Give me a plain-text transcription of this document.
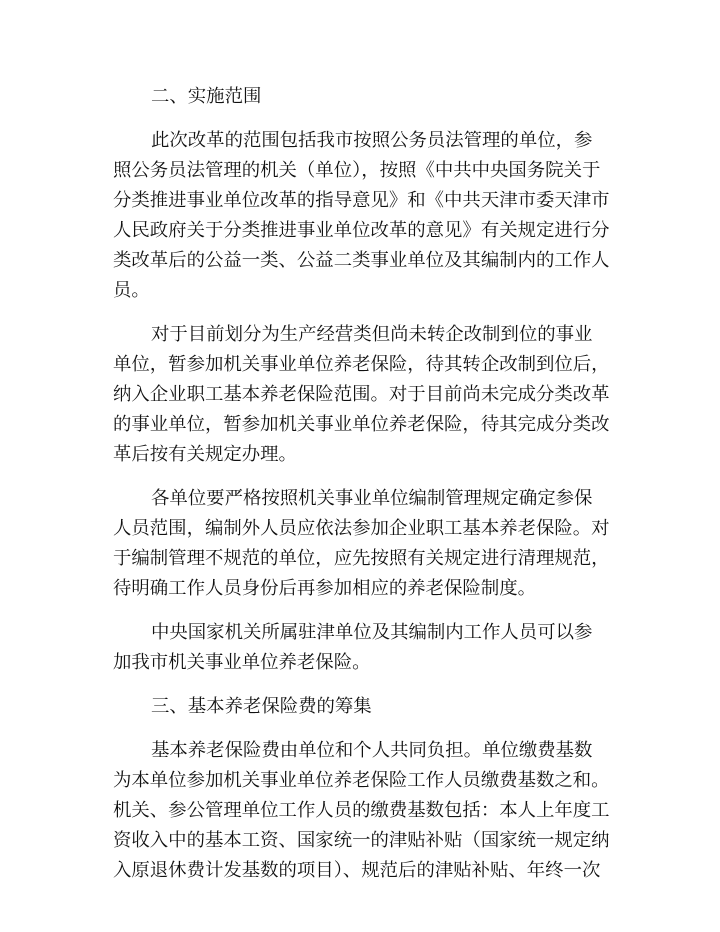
二、实施范围
此次改革的范围包括我市按照公务员法管理的单位，参
照公务员法管理的机关（单位），按照《中共中央国务院关于
分类推进事业单位改革的指导意见》和《中共天津市委天津市
人民政府关于分类推进事业单位改革的意见》有关规定进行分
类改革后的公益一类、公益二类事业单位及其编制内的工作人
员。
对于目前划分为生产经营类但尚未转企改制到位的事业
单位，暂参加机关事业单位养老保险，待其转企改制到位后，
纳入企业职工基本养老保险范围。对于目前尚未完成分类改革
的事业单位，暂参加机关事业单位养老保险，待其完成分类改
革后按有关规定办理。
各单位要严格按照机关事业单位编制管理规定确定参保
人员范围，编制外人员应依法参加企业职工基本养老保险。对
于编制管理不规范的单位，应先按照有关规定进行清理规范，
待明确工作人员身份后再参加相应的养老保险制度。
中央国家机关所属驻津单位及其编制内工作人员可以参
加我市机关事业单位养老保险。
三、基本养老保险费的筹集
基本养老保险费由单位和个人共同负担。单位缴费基数
为本单位参加机关事业单位养老保险工作人员缴费基数之和。
机关、参公管理单位工作人员的缴费基数包括：本人上年度工
资收入中的基本工资、国家统一的津贴补贴（国家统一规定纳
入原退休费计发基数的项目）、规范后的津贴补贴、年终一次
